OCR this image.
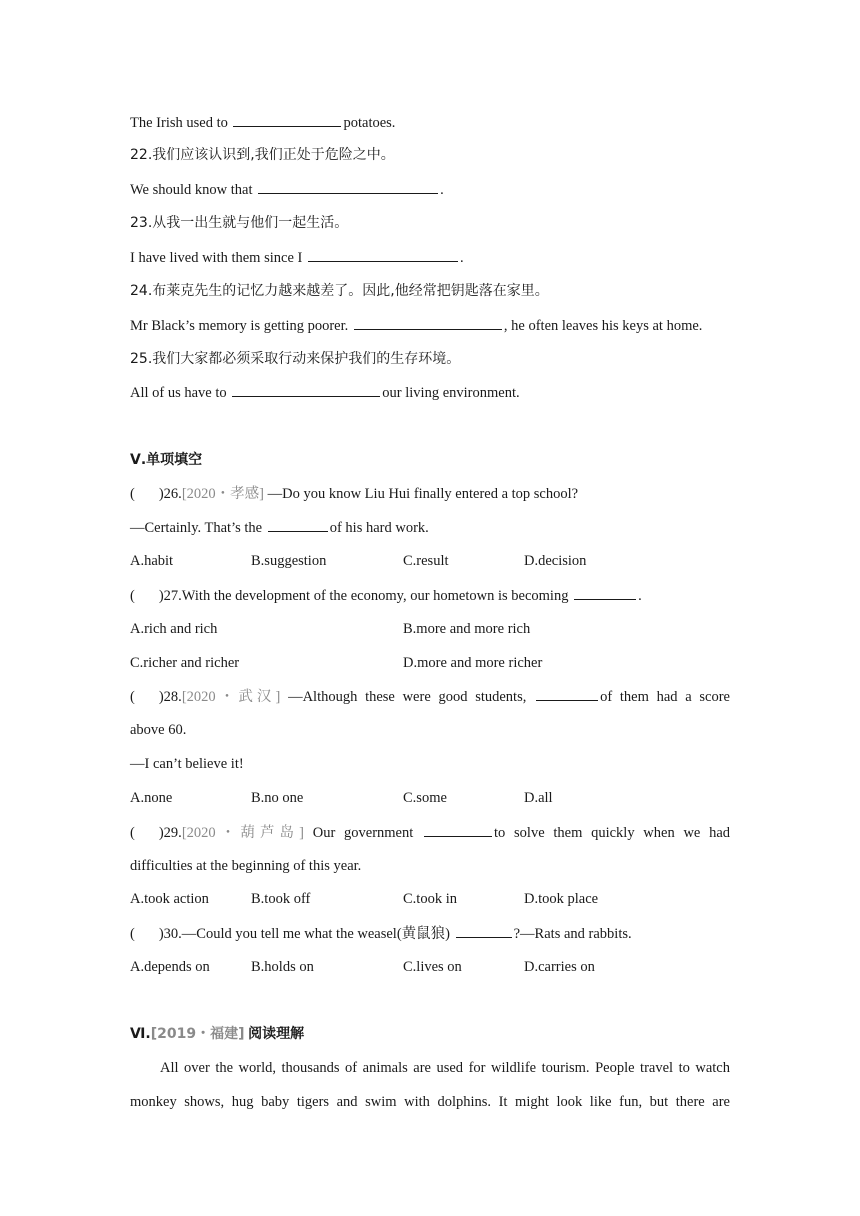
The Irish used to	potatoes.
22.我们应该认识到,我们正处于危险之中。
We should know that	.
23.从我一出生就与他们一起生活。
I have lived with them since I	.
24.布莱克先生的记忆力越来越差了。因此,他经常把钥匙落在家里。
Mr Black’s memory is getting poorer.	, he often leaves his keys at home.
25.我们大家都必须采取行动来保护我们的生存环境。
All of us have to	our living environment.
Ⅴ.单项填空
( )26.[2020・孝感] —Do you know Liu Hui finally entered a top school?
—Certainly. That’s the	of his hard work.
A.habit	B.suggestion	C.result	D.decision
( )27.With the development of the economy, our hometown is becoming	.
A.rich and rich	B.more and more rich
C.richer and richer	D.more and more richer
( )28.[2020・武汉] —Although these were good students,	of them had a score
above 60.
—I can’t believe it!
A.none	B.no one	C.some	D.all
( )29.[2020・葫芦岛] Our government	to solve them quickly when we had
difficulties at the beginning of this year.
A.took action	B.took off	C.took in	D.took place
( )30.—Could you tell me what the weasel(黄鼠狼)	?—Rats and rabbits.
A.depends on	B.holds on	C.lives on	D.carries on
Ⅵ.[2019・福建] 阅读理解
All over the world, thousands of animals are used for wildlife tourism. People travel to watch
monkey shows, hug baby tigers and swim with dolphins. It might look like fun, but there are
